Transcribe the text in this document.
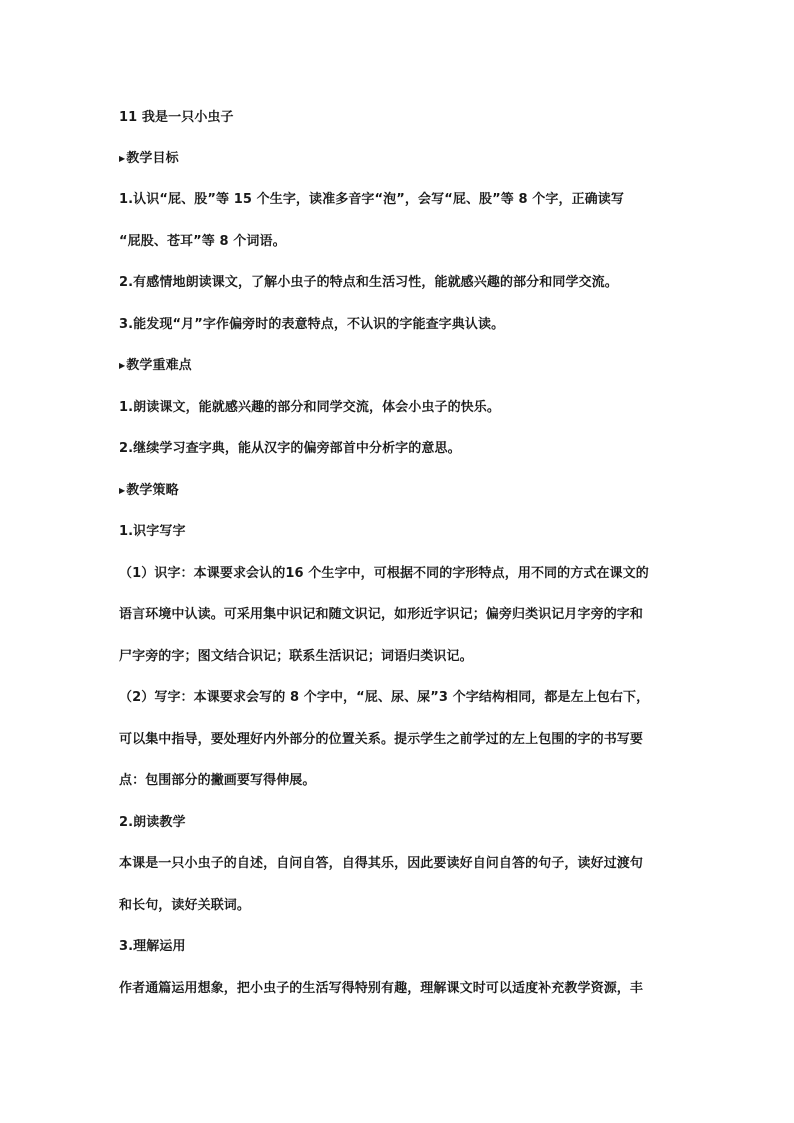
11 我是一只小虫子
▶教学目标
1.认识“屁、股”等 15 个生字，读准多音字“泡”，会写“屁、股”等 8 个字，正确读写
“屁股、苍耳”等 8 个词语。
2.有感情地朗读课文，了解小虫子的特点和生活习性，能就感兴趣的部分和同学交流。
3.能发现“月”字作偏旁时的表意特点，不认识的字能查字典认读。
▶教学重难点
1.朗读课文，能就感兴趣的部分和同学交流，体会小虫子的快乐。
2.继续学习查字典，能从汉字的偏旁部首中分析字的意思。
▶教学策略
1.识字写字
（1）识字：本课要求会认的16 个生字中，可根据不同的字形特点，用不同的方式在课文的
语言环境中认读。可采用集中识记和随文识记，如形近字识记；偏旁归类识记月字旁的字和
尸字旁的字；图文结合识记；联系生活识记；词语归类识记。
（2）写字：本课要求会写的 8 个字中，“屁、尿、屎”3 个字结构相同，都是左上包右下，
可以集中指导，要处理好内外部分的位置关系。提示学生之前学过的左上包围的字的书写要
点：包围部分的撇画要写得伸展。
2.朗读教学
本课是一只小虫子的自述，自问自答，自得其乐，因此要读好自问自答的句子，读好过渡句
和长句，读好关联词。
3.理解运用
作者通篇运用想象，把小虫子的生活写得特别有趣，理解课文时可以适度补充教学资源，丰
